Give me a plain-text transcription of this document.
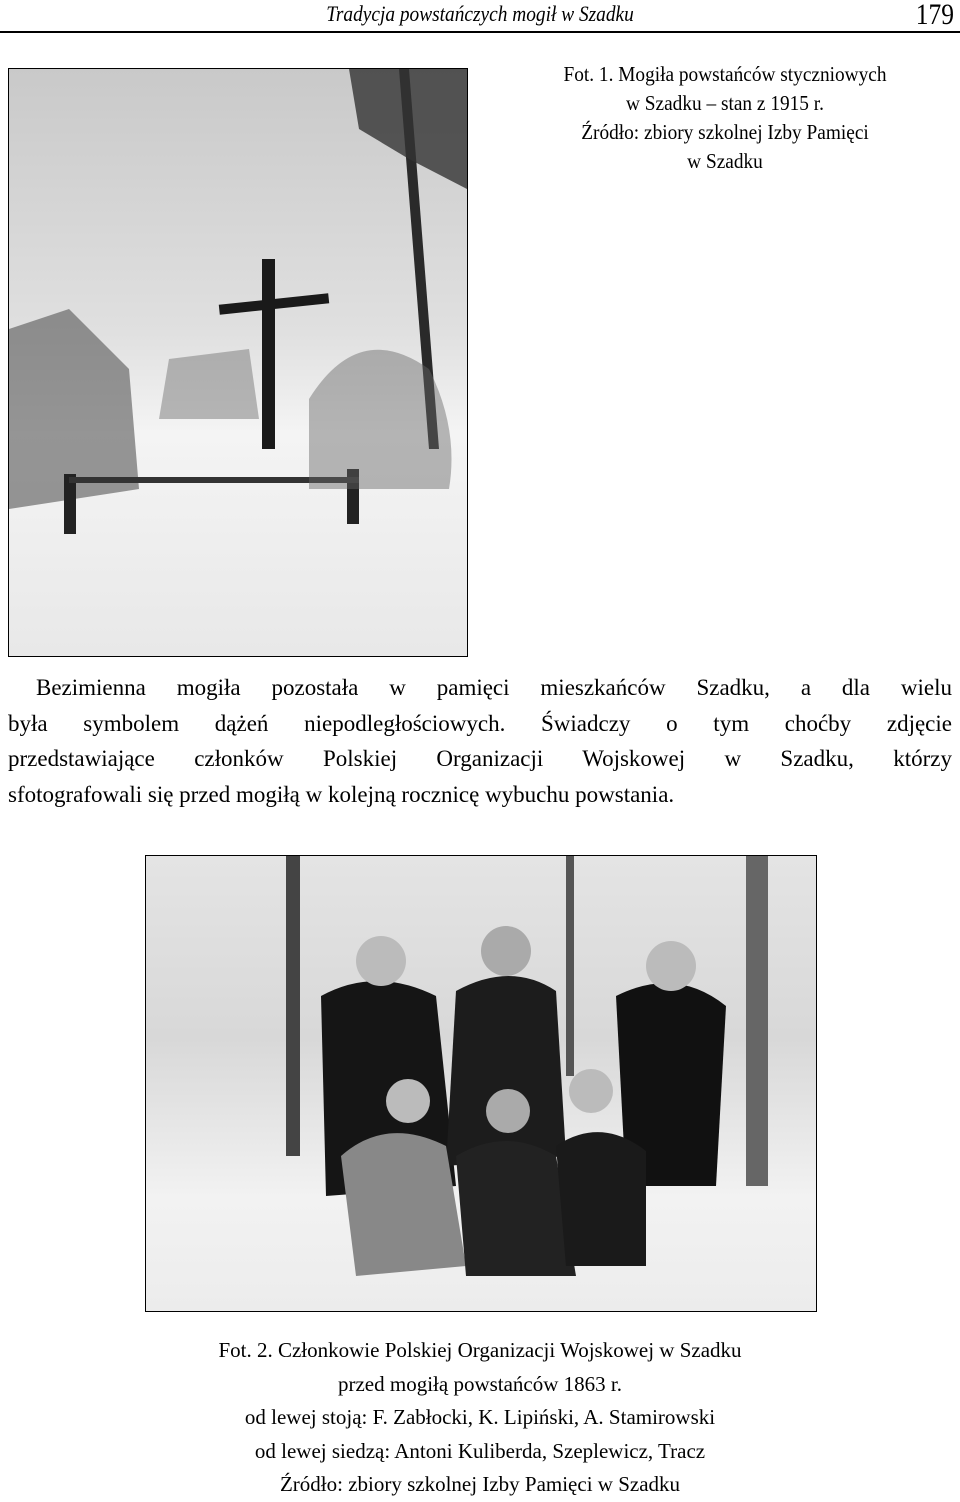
Tradycja powstańczych mogił w Szadku	179
Fot. 1. Mogiła powstańców styczniowych
w Szadku – stan z 1915 r.
Źródło: zbiory szkolnej Izby Pamięci
w Szadku
Bezimienna mogiła pozostała w pamięci mieszkańców Szadku, a dla wielu
była symbolem dążeń niepodległościowych. Świadczy o tym choćby zdjęcie
przedstawiające członków Polskiej Organizacji Wojskowej w Szadku, którzy
sfotografowali się przed mogiłą w kolejną rocznicę wybuchu powstania.
Fot. 2. Członkowie Polskiej Organizacji Wojskowej w Szadku
przed mogiłą powstańców 1863 r.
od lewej stoją: F. Zabłocki, K. Lipiński, A. Stamirowski
od lewej siedzą: Antoni Kuliberda, Szeplewicz, Tracz
Źródło: zbiory szkolnej Izby Pamięci w Szadku
